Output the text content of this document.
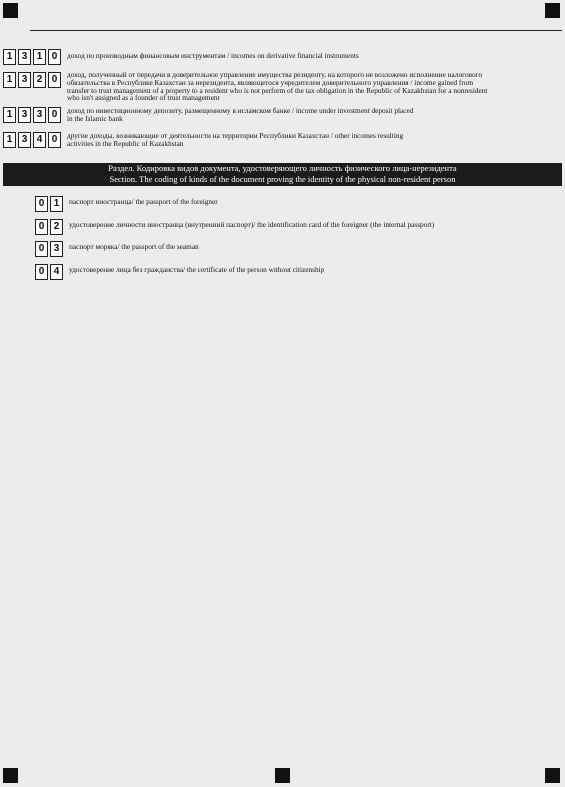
1 3 1 0	доход по производным финансовым инструментам / incomes on derivative financial instruments
1 3 2 0	доход, полученный от передачи в доверительное управление имущества резиденту, на которого не возложено исполнение налогового
обязательства в Республике Казахстан за нерезидента, являющегося учредителем доверительного управления / income gained from
transfer to trust management of a property to a resident who is not perform of the tax obligation in the Republic of Kazakhstan for a nonresident
who isn't assigned as a founder of trust management
1 3 3 0	доход по инвестиционному депозиту, размещенному в исламском банке / income under investment deposit placed
in the Islamic bank
1 3 4 0	другие доходы, возникающие от деятельности на территории Республики Казахстан / other incomes resulting
activities in the Republic of Kazakhstan
Раздел. Кодировка видов документа, удостоверяющего личность физического лица-нерезидента
Section. The coding of kinds of the document proving the identity of the physical non-resident person
0 1	паспорт иностранца/ the passport of the foreigner
0 2	удостоверение личности иностранца (внутренний паспорт)/ the identification card of the foreigner (the internal passport)
0 3	паспорт моряка/ the passport of the seaman
0 4	удостоверение лица без гражданства/ the certificate of the person without citizenship
